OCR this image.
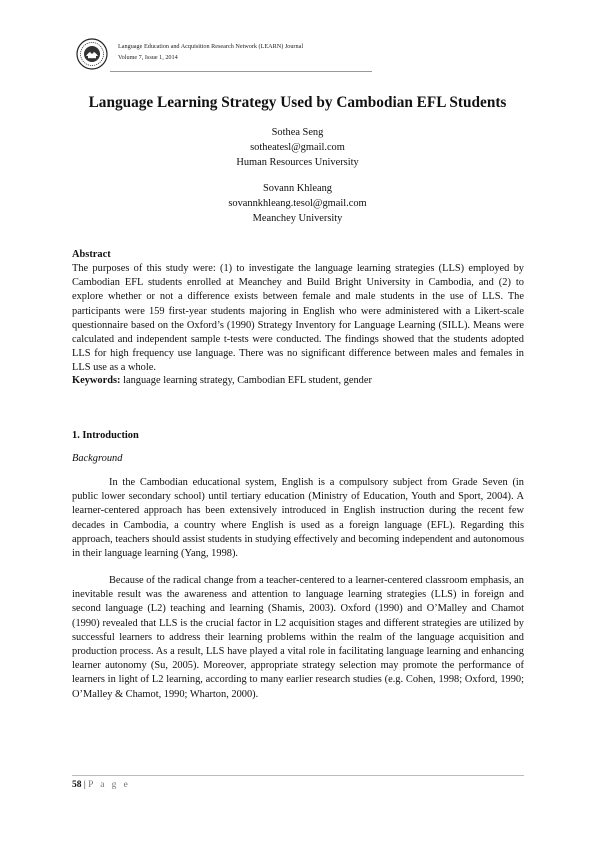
Language Education and Acquisition Research Network (LEARN) Journal
Volume 7, Issue 1, 2014
Language Learning Strategy Used by Cambodian EFL Students
Sothea Seng
sotheatesl@gmail.com
Human Resources University
Sovann Khleang
sovannkhleang.tesol@gmail.com
Meanchey University
Abstract
The purposes of this study were: (1) to investigate the language learning strategies (LLS) employed by Cambodian EFL students enrolled at Meanchey and Build Bright University in Cambodia, and (2) to explore whether or not a difference exists between female and male students in the use of LLS. The participants were 159 first-year students majoring in English who were administered with a Likert-scale questionnaire based on the Oxford’s (1990) Strategy Inventory for Language Learning (SILL). Means were calculated and independent sample t-tests were conducted. The findings showed that the students adopted LLS for high frequency use language. There was no significant difference between males and females in LLS use as a whole.
Keywords: language learning strategy, Cambodian EFL student, gender
1. Introduction
Background
In the Cambodian educational system, English is a compulsory subject from Grade Seven (in public lower secondary school) until tertiary education (Ministry of Education, Youth and Sport, 2004). A learner-centered approach has been extensively introduced in English instruction during the recent few decades in Cambodia, a country where English is used as a foreign language (EFL). Regarding this approach, teachers should assist students in studying effectively and becoming independent and autonomous in their language learning (Yang, 1998).
Because of the radical change from a teacher-centered to a learner-centered classroom emphasis, an inevitable result was the awareness and attention to language learning strategies (LLS) in foreign and second language (L2) teaching and learning (Shamis, 2003). Oxford (1990) and O’Malley and Chamot (1990) revealed that LLS is the crucial factor in L2 acquisition stages and different strategies are utilized by successful learners to address their learning problems within the realm of the language acquisition and production process. As a result, LLS have played a vital role in facilitating language learning and enhancing learner autonomy (Su, 2005). Moreover, appropriate strategy selection may promote the performance of learners in light of L2 learning, according to many earlier research studies (e.g. Cohen, 1998; Oxford, 1990; O’Malley & Chamot, 1990; Wharton, 2000).
58 | P a g e
